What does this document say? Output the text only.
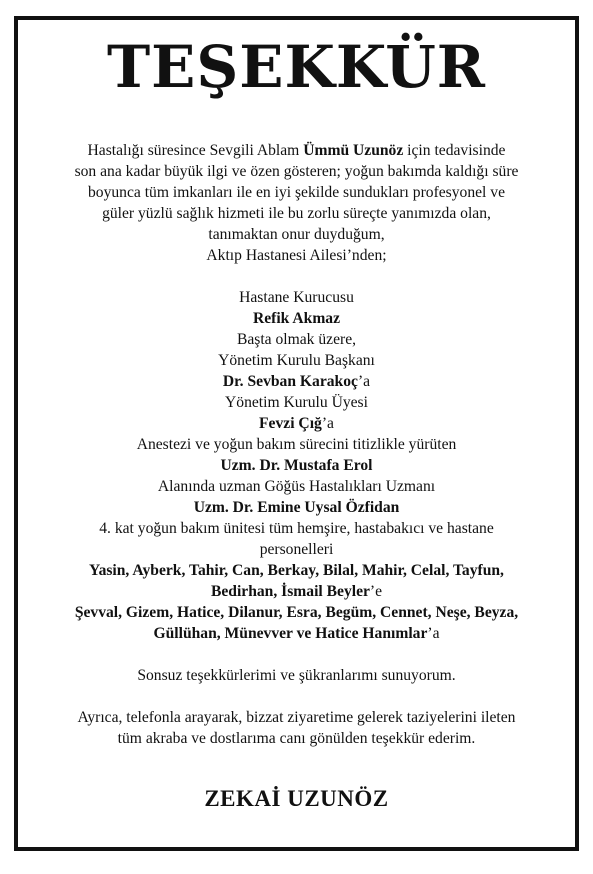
TEŞEKKÜR

Hastalığı süresince Sevgili Ablam Ümmü Uzunöz için tedavisinde

son ana kadar büyük ilgi ve özen gösteren; yoğun bakımda kaldığı süre

boyunca tüm imkanları ile en iyi şekilde sundukları profesyonel ve

güler yüzlü sağlık hizmeti ile bu zorlu süreçte yanımızda olan,

tanımaktan onur duyduğum,

Aktıp Hastanesi Ailesi’nden;

Hastane Kurucusu

Refik Akmaz

Başta olmak üzere,

Yönetim Kurulu Başkanı

Dr. Sevban Karakoç’a

Yönetim Kurulu Üyesi

Fevzi Çığ’a

Anestezi ve yoğun bakım sürecini titizlikle yürüten

Uzm. Dr. Mustafa Erol

Alanında uzman Göğüs Hastalıkları Uzmanı

Uzm. Dr. Emine Uysal Özfidan

4. kat yoğun bakım ünitesi tüm hemşire, hastabakıcı ve hastane

personelleri

Yasin, Ayberk, Tahir, Can, Berkay, Bilal, Mahir, Celal, Tayfun,

Bedirhan, İsmail Beyler’e

Şevval, Gizem, Hatice, Dilanur, Esra, Begüm, Cennet, Neşe, Beyza,

Güllühan, Münevver ve Hatice Hanımlar’a

Sonsuz teşekkürlerimi ve şükranlarımı sunuyorum.

Ayrıca, telefonla arayarak, bizzat ziyaretime gelerek taziyelerini ileten

tüm akraba ve dostlarıma canı gönülden teşekkür ederim.

ZEKAİ UZUNÖZ
